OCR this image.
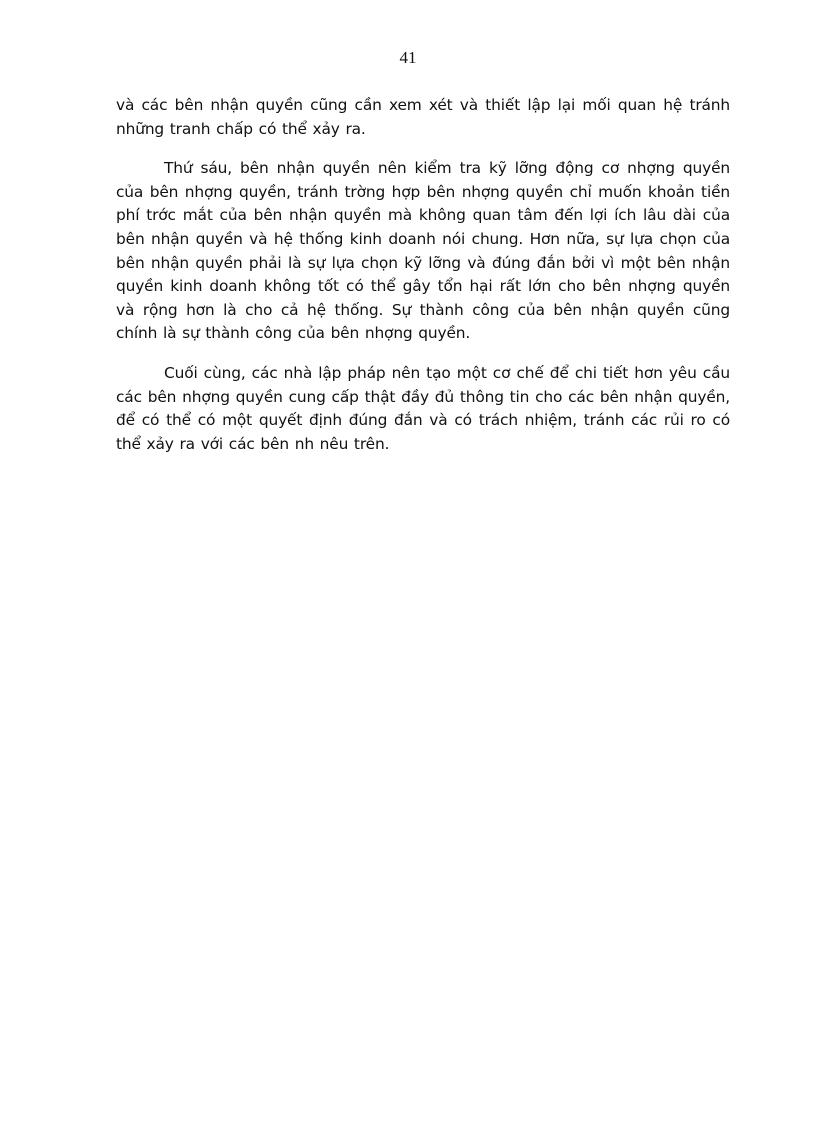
41

và các bên nhận quyền cũng cần xem xét và thiết lập lại mối quan hệ tránh những tranh chấp có thể xảy ra.

Thứ sáu, bên nhận quyền nên kiểm tra kỹ lỡng động cơ nhợng quyền của bên nhợng quyền, tránh trờng hợp bên nhợng quyền chỉ muốn khoản tiền phí trớc mắt của bên nhận quyền mà không quan tâm đến lợi ích lâu dài của bên nhận quyền và hệ thống kinh doanh nói chung. Hơn nữa, sự lựa chọn của bên nhận quyền phải là sự lựa chọn kỹ lỡng và đúng đắn bởi vì một bên nhận quyền kinh doanh không tốt có thể gây tổn hại rất lớn cho bên nhợng quyền và rộng hơn là cho cả hệ thống. Sự thành công của bên nhận quyền cũng chính là sự thành công của bên nhợng quyền.

Cuối cùng, các nhà lập pháp nên tạo một cơ chế để chi tiết hơn yêu cầu các bên nhợng quyền cung cấp thật đầy đủ thông tin cho các bên nhận quyền, để có thể có một quyết định đúng đắn và có trách nhiệm, tránh các rủi ro có thể xảy ra với các bên nh nêu trên.
